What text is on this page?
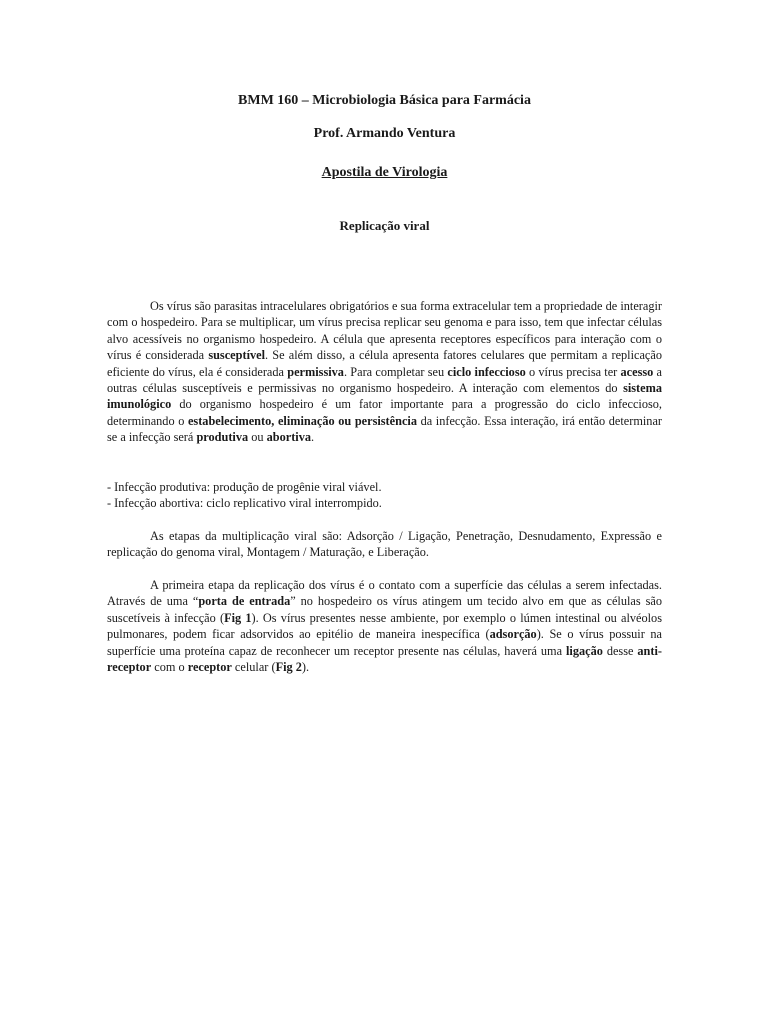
BMM 160 – Microbiologia Básica para Farmácia
Prof. Armando Ventura
Apostila de Virologia
Replicação viral

Os vírus são parasitas intracelulares obrigatórios e sua forma extracelular tem a propriedade de interagir com o hospedeiro. Para se multiplicar, um vírus precisa replicar seu genoma e para isso, tem que infectar células alvo acessíveis no organismo hospedeiro. A célula que apresenta receptores específicos para interação com o vírus é considerada susceptível. Se além disso, a célula apresenta fatores celulares que permitam a replicação eficiente do vírus, ela é considerada permissiva. Para completar seu ciclo infeccioso o vírus precisa ter acesso a outras células susceptíveis e permissivas no organismo hospedeiro. A interação com elementos do sistema imunológico do organismo hospedeiro é um fator importante para a progressão do ciclo infeccioso, determinando o estabelecimento, eliminação ou persistência da infecção. Essa interação, irá então determinar se a infecção será produtiva ou abortiva.

- Infecção produtiva: produção de progênie viral viável.
- Infecção abortiva: ciclo replicativo viral interrompido.

As etapas da multiplicação viral são: Adsorção / Ligação, Penetração, Desnudamento, Expressão e replicação do genoma viral, Montagem / Maturação, e Liberação.

A primeira etapa da replicação dos vírus é o contato com a superfície das células a serem infectadas. Através de uma “porta de entrada” no hospedeiro os vírus atingem um tecido alvo em que as células são suscetíveis à infecção (Fig 1). Os vírus presentes nesse ambiente, por exemplo o lúmen intestinal ou alvéolos pulmonares, podem ficar adsorvidos ao epitélio de maneira inespecífica (adsorção). Se o vírus possuir na superfície uma proteína capaz de reconhecer um receptor presente nas células, haverá uma ligação desse anti-receptor com o receptor celular (Fig 2).
